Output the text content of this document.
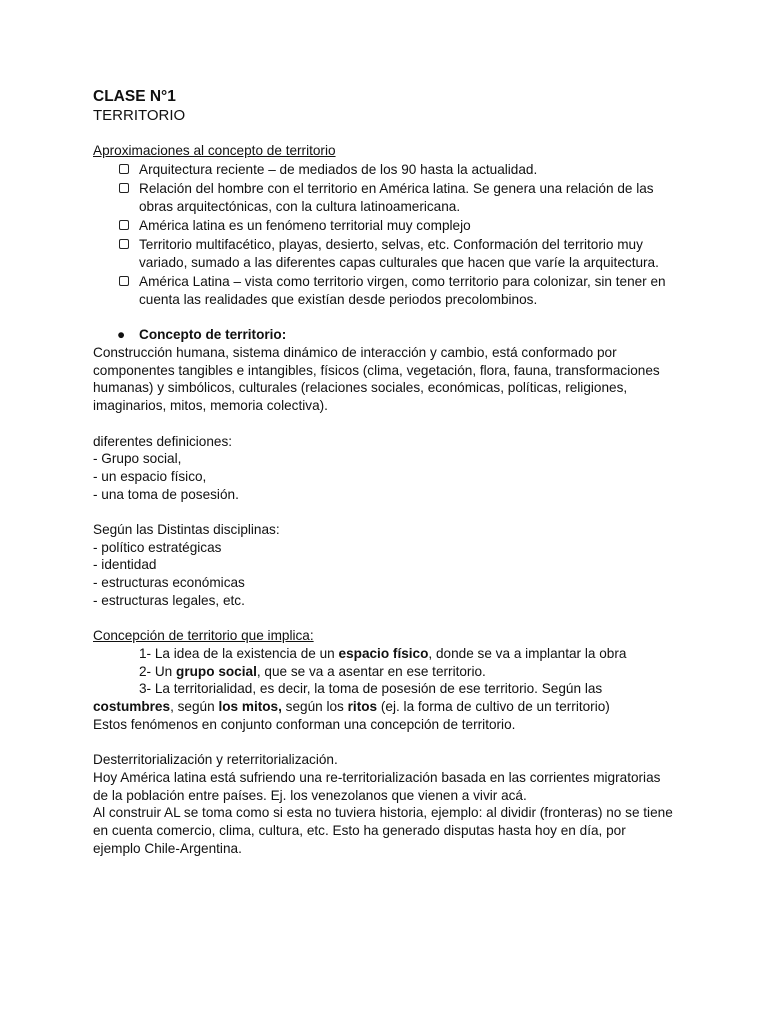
CLASE N°1
TERRITORIO
Aproximaciones al concepto de territorio
Arquitectura reciente – de mediados de los 90 hasta la actualidad.
Relación del hombre con el territorio en América latina. Se genera una relación de las obras arquitectónicas, con la cultura latinoamericana.
América latina es un fenómeno territorial muy complejo
Territorio multifacético, playas, desierto, selvas, etc. Conformación del territorio muy variado, sumado a las diferentes capas culturales que hacen que varíe la arquitectura.
América Latina – vista como territorio virgen, como territorio para colonizar, sin tener en cuenta las realidades que existían desde periodos precolombinos.
● Concepto de territorio:
Construcción humana, sistema dinámico de interacción y cambio, está conformado por componentes tangibles e intangibles, físicos (clima, vegetación, flora, fauna, transformaciones humanas) y simbólicos, culturales (relaciones sociales, económicas, políticas, religiones, imaginarios, mitos, memoria colectiva).
diferentes definiciones:
- Grupo social,
- un espacio físico,
- una toma de posesión.
Según las Distintas disciplinas:
- político estratégicas
- identidad
- estructuras económicas
- estructuras legales, etc.
Concepción de territorio que implica:
1- La idea de la existencia de un espacio físico, donde se va a implantar la obra
2- Un grupo social, que se va a asentar en ese territorio.
3- La territorialidad, es decir, la toma de posesión de ese territorio. Según las costumbres, según los mitos, según los ritos (ej. la forma de cultivo de un territorio)
Estos fenómenos en conjunto conforman una concepción de territorio.
Desterritorialización y reterritorialización.
Hoy América latina está sufriendo una re-territorialización basada en las corrientes migratorias de la población entre países. Ej. los venezolanos que vienen a vivir acá.
Al construir AL se toma como si esta no tuviera historia, ejemplo: al dividir (fronteras) no se tiene en cuenta comercio, clima, cultura, etc. Esto ha generado disputas hasta hoy en día, por ejemplo Chile-Argentina.
